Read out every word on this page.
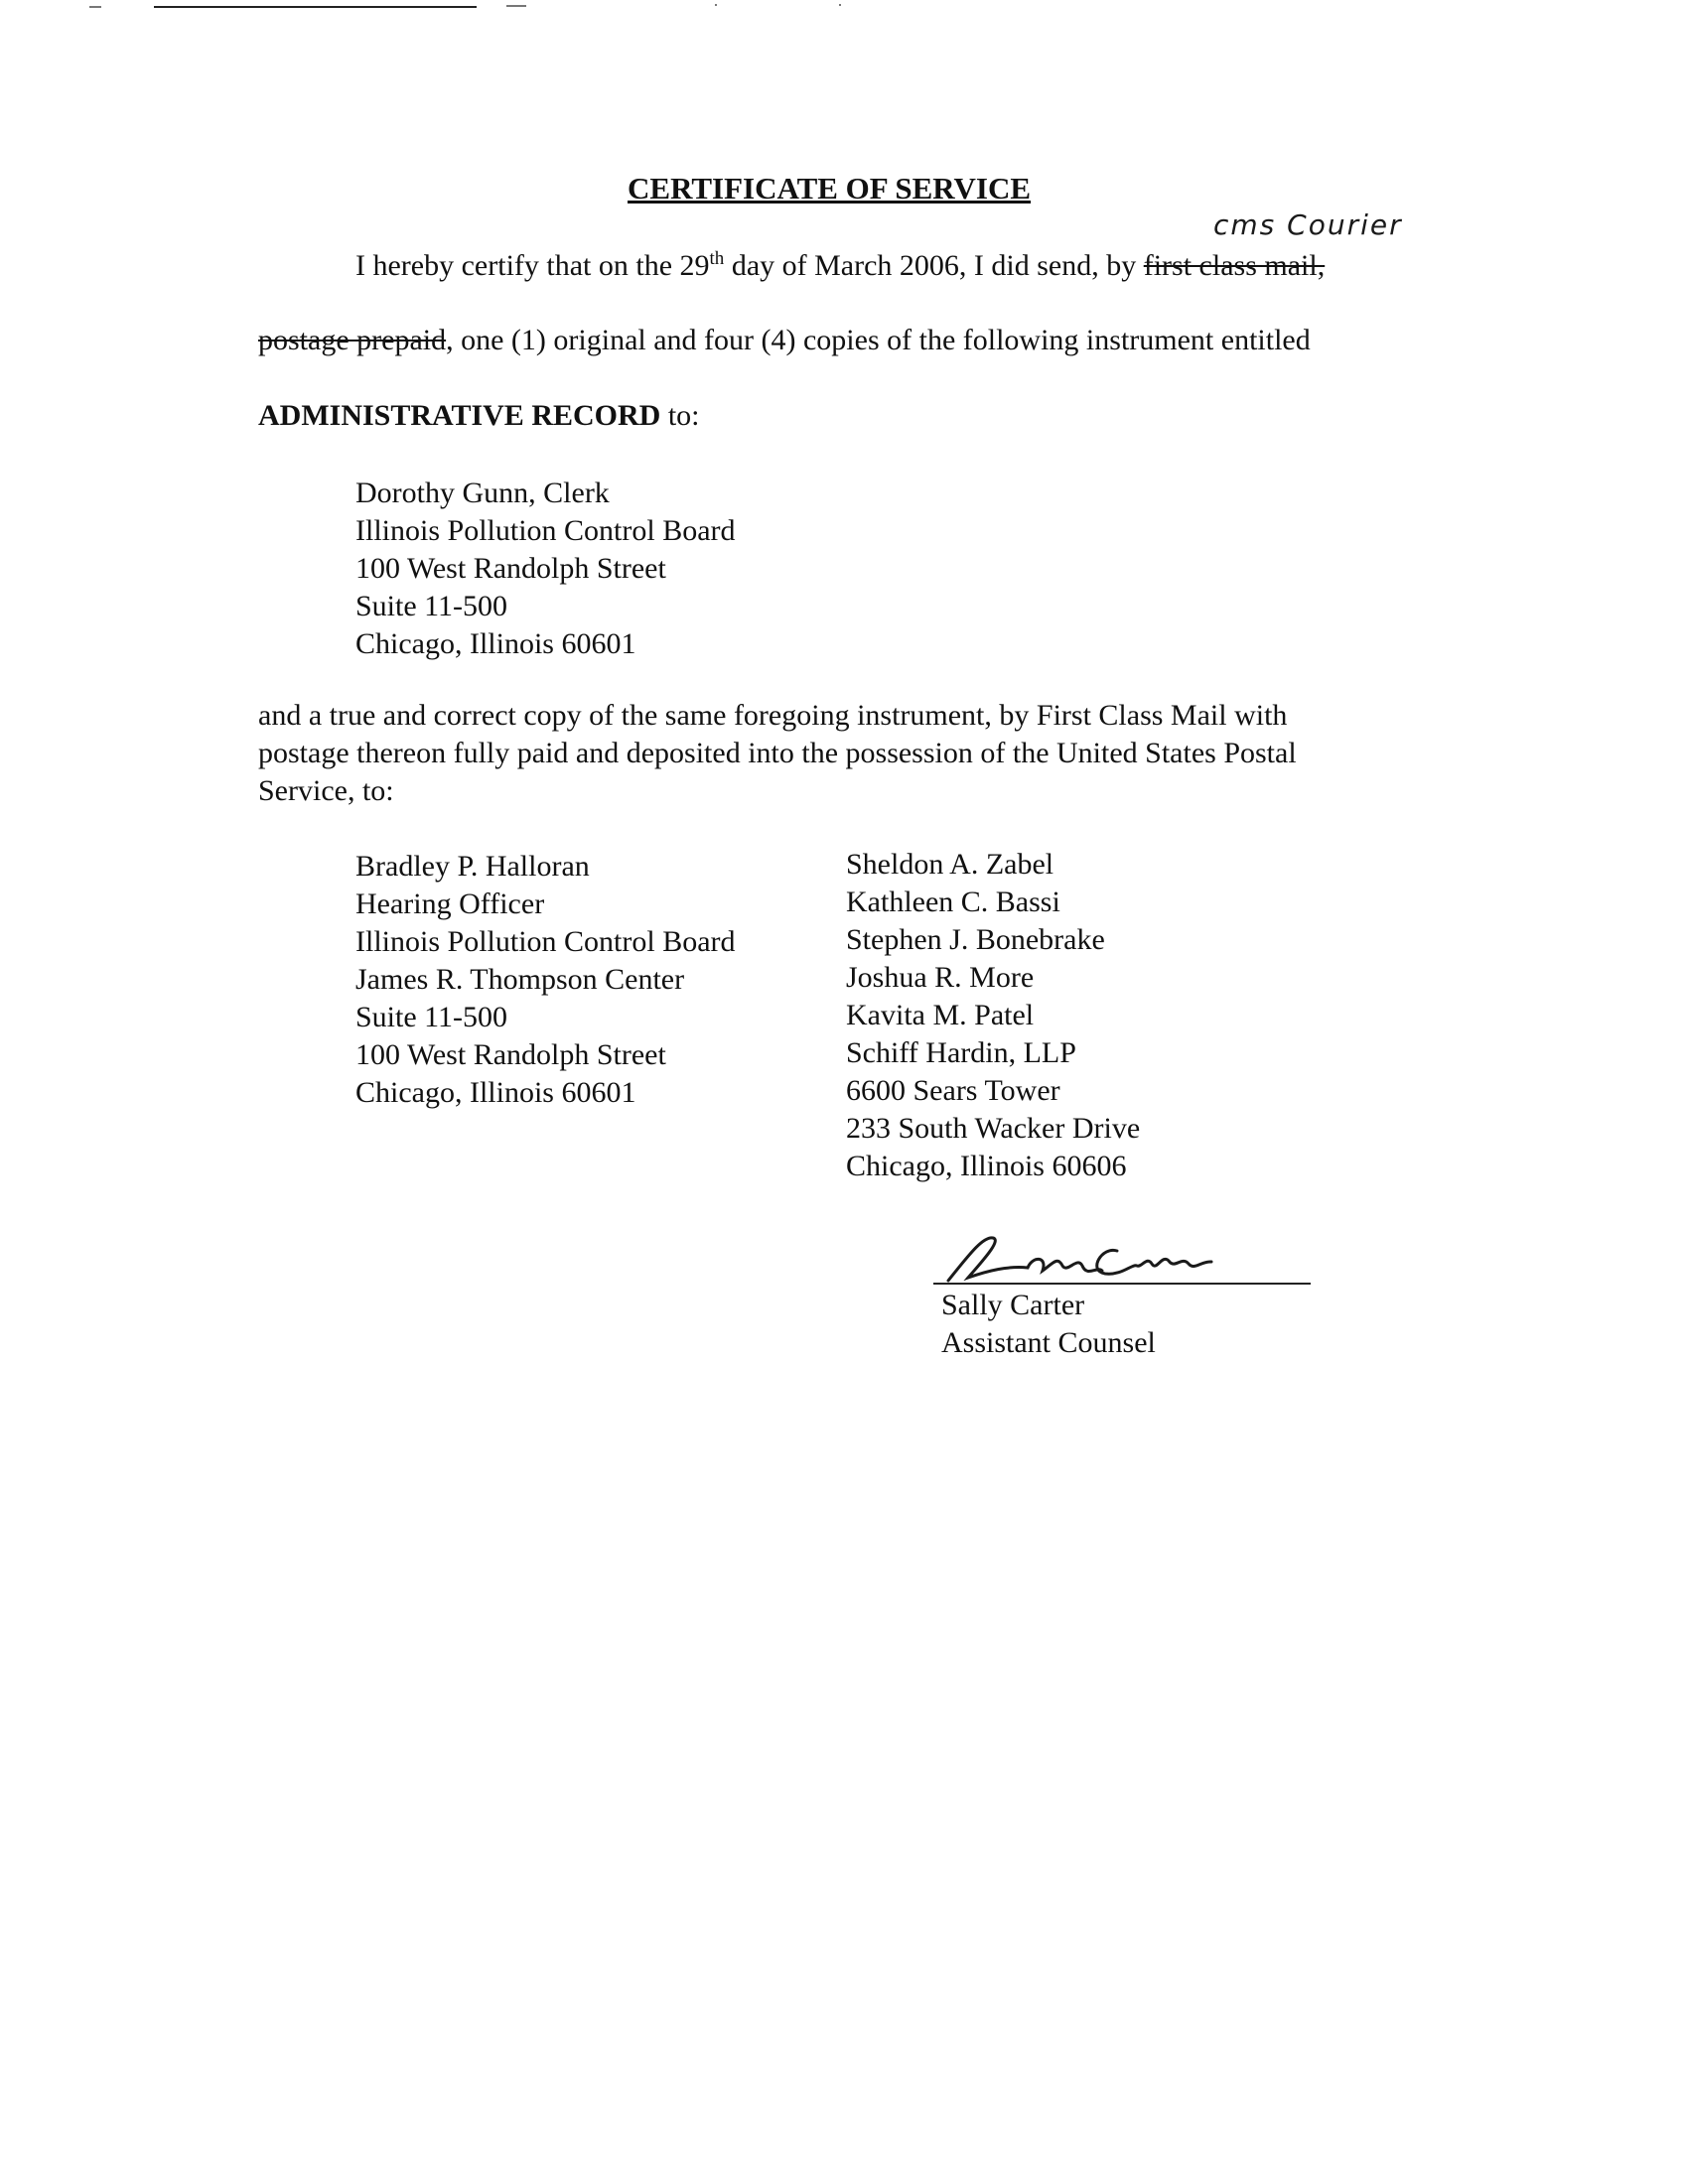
CERTIFICATE OF SERVICE
cms Courier
I hereby certify that on the 29th day of March 2006, I did send, by first class mail,
postage prepaid, one (1) original and four (4) copies of the following instrument entitled
ADMINISTRATIVE RECORD to:
Dorothy Gunn, Clerk
Illinois Pollution Control Board
100 West Randolph Street
Suite 11-500
Chicago, Illinois 60601
and a true and correct copy of the same foregoing instrument, by First Class Mail with
postage thereon fully paid and deposited into the possession of the United States Postal
Service, to:
Bradley P. Halloran
Hearing Officer
Illinois Pollution Control Board
James R. Thompson Center
Suite 11-500
100 West Randolph Street
Chicago, Illinois 60601
Sheldon A. Zabel
Kathleen C. Bassi
Stephen J. Bonebrake
Joshua R. More
Kavita M. Patel
Schiff Hardin, LLP
6600 Sears Tower
233 South Wacker Drive
Chicago, Illinois 60606
Sally Carter
Assistant Counsel
